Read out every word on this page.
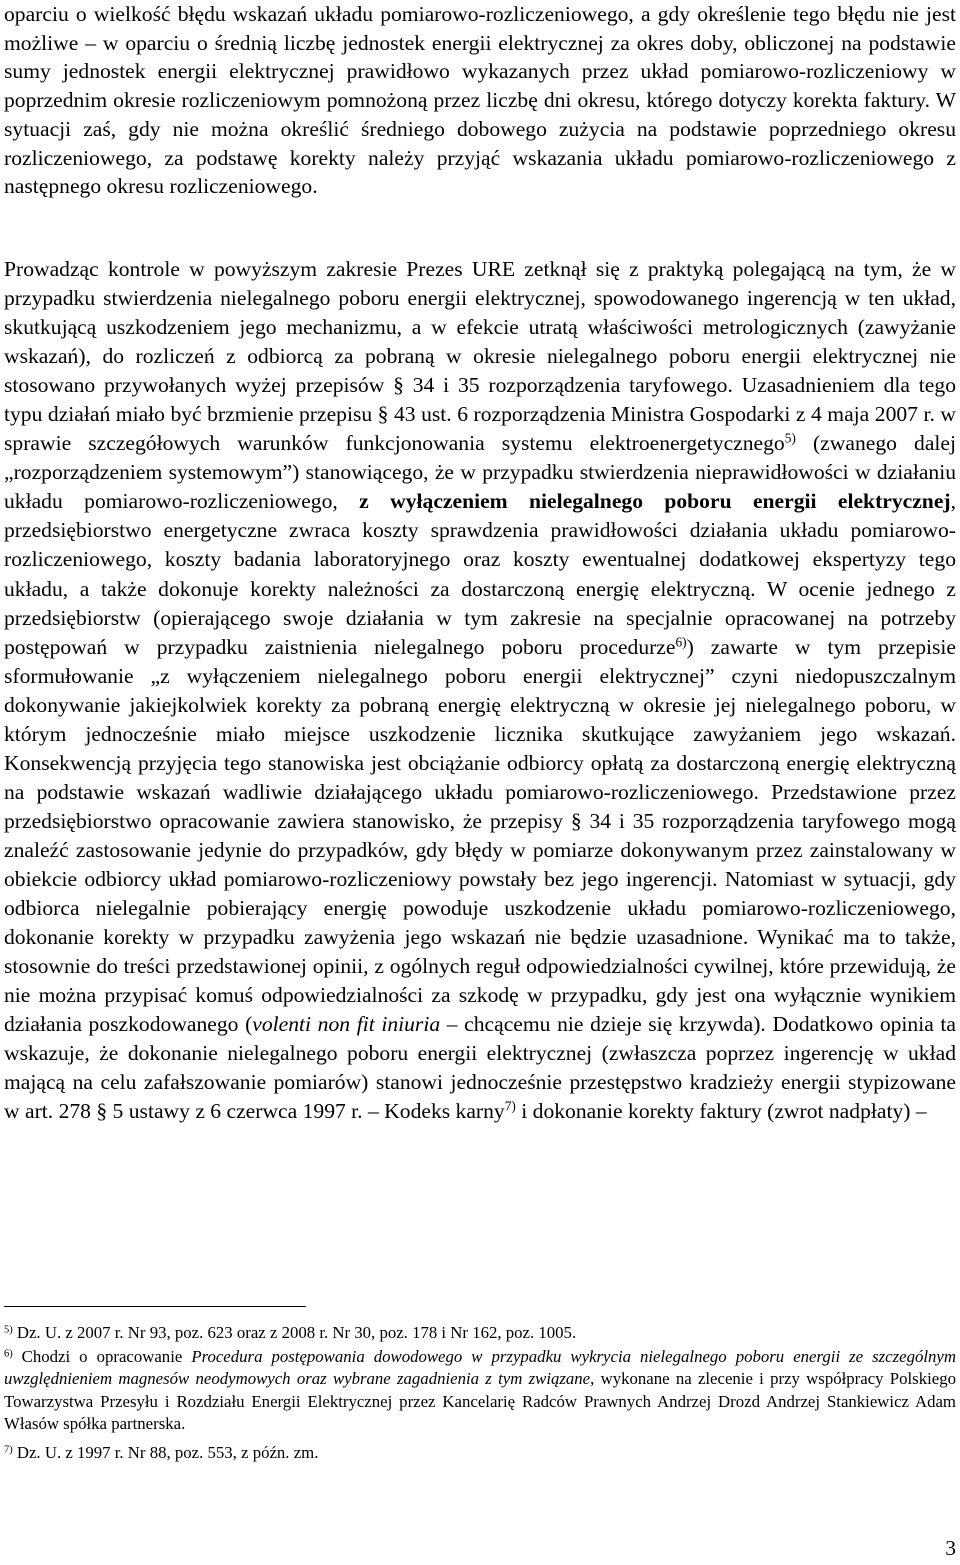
oparciu o wielkość błędu wskazań układu pomiarowo-rozliczeniowego, a gdy określenie tego błędu nie jest możliwe – w oparciu o średnią liczbę jednostek energii elektrycznej za okres doby, obliczonej na podstawie sumy jednostek energii elektrycznej prawidłowo wykazanych przez układ pomiarowo-rozliczeniowy w poprzednim okresie rozliczeniowym pomnożoną przez liczbę dni okresu, którego dotyczy korekta faktury. W sytuacji zaś, gdy nie można określić średniego dobowego zużycia na podstawie poprzedniego okresu rozliczeniowego, za podstawę korekty należy przyjąć wskazania układu pomiarowo-rozliczeniowego z następnego okresu rozliczeniowego.
Prowadząc kontrole w powyższym zakresie Prezes URE zetknął się z praktyką polegającą na tym, że w przypadku stwierdzenia nielegalnego poboru energii elektrycznej, spowodowanego ingerencją w ten układ, skutkującą uszkodzeniem jego mechanizmu, a w efekcie utratą właściwości metrologicznych (zawyżanie wskazań), do rozliczeń z odbiorcą za pobraną w okresie nielegalnego poboru energii elektrycznej nie stosowano przywołanych wyżej przepisów § 34 i 35 rozporządzenia taryfowego. Uzasadnieniem dla tego typu działań miało być brzmienie przepisu § 43 ust. 6 rozporządzenia Ministra Gospodarki z 4 maja 2007 r. w sprawie szczegółowych warunków funkcjonowania systemu elektroenergetycznego$^{5)}$ (zwanego dalej „rozporządzeniem systemowym”) stanowiącego, że w przypadku stwierdzenia nieprawidłowości w działaniu układu pomiarowo-rozliczeniowego, z wyłączeniem nielegalnego poboru energii elektrycznej, przedsiębiorstwo energetyczne zwraca koszty sprawdzenia prawidłowości działania układu pomiarowo-rozliczeniowego, koszty badania laboratoryjnego oraz koszty ewentualnej dodatkowej ekspertyzy tego układu, a także dokonuje korekty należności za dostarczoną energię elektryczną. W ocenie jednego z przedsiębiorstw (opierającego swoje działania w tym zakresie na specjalnie opracowanej na potrzeby postępowań w przypadku zaistnienia nielegalnego poboru procedurze$^{6)}$) zawarte w tym przepisie sformułowanie „z wyłączeniem nielegalnego poboru energii elektrycznej” czyni niedopuszczalnym dokonywanie jakiejkolwiek korekty za pobraną energię elektryczną w okresie jej nielegalnego poboru, w którym jednocześnie miało miejsce uszkodzenie licznika skutkujące zawyżaniem jego wskazań. Konsekwencją przyjęcia tego stanowiska jest obciążanie odbiorcy opłatą za dostarczoną energię elektryczną na podstawie wskazań wadliwie działającego układu pomiarowo-rozliczeniowego. Przedstawione przez przedsiębiorstwo opracowanie zawiera stanowisko, że przepisy § 34 i 35 rozporządzenia taryfowego mogą znaleźć zastosowanie jedynie do przypadków, gdy błędy w pomiarze dokonywanym przez zainstalowany w obiekcie odbiorcy układ pomiarowo-rozliczeniowy powstały bez jego ingerencji. Natomiast w sytuacji, gdy odbiorca nielegalnie pobierający energię powoduje uszkodzenie układu pomiarowo-rozliczeniowego, dokonanie korekty w przypadku zawyżenia jego wskazań nie będzie uzasadnione. Wynikać ma to także, stosownie do treści przedstawionej opinii, z ogólnych reguł odpowiedzialności cywilnej, które przewidują, że nie można przypisać komuś odpowiedzialności za szkodę w przypadku, gdy jest ona wyłącznie wynikiem działania poszkodowanego (volenti non fit iniuria – chcącemu nie dzieje się krzywda). Dodatkowo opinia ta wskazuje, że dokonanie nielegalnego poboru energii elektrycznej (zwłaszcza poprzez ingerencję w układ mającą na celu zafałszowanie pomiarów) stanowi jednocześnie przestępstwo kradzieży energii stypizowane w art. 278 § 5 ustawy z 6 czerwca 1997 r. – Kodeks karny$^{7)}$ i dokonanie korekty faktury (zwrot nadpłaty) –
$^{5)}$ Dz. U. z 2007 r. Nr 93, poz. 623 oraz z 2008 r. Nr 30, poz. 178 i Nr 162, poz. 1005.
$^{6)}$ Chodzi o opracowanie Procedura postępowania dowodowego w przypadku wykrycia nielegalnego poboru energii ze szczególnym uwzględnieniem magnesów neodymowych oraz wybrane zagadnienia z tym związane, wykonane na zlecenie i przy współpracy Polskiego Towarzystwa Przesyłu i Rozdziału Energii Elektrycznej przez Kancelarię Radców Prawnych Andrzej Drozd Andrzej Stankiewicz Adam Własów spółka partnerska.
$^{7)}$ Dz. U. z 1997 r. Nr 88, poz. 553, z późn. zm.
3
